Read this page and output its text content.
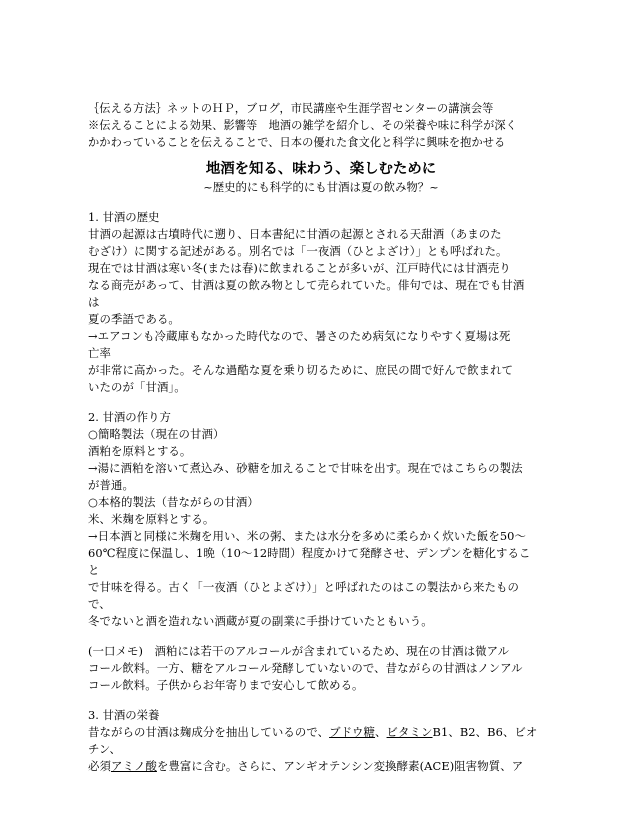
｛伝える方法｝ネットのＨＰ，ブログ，市民講座や生涯学習センターの講演会等
※伝えることによる効果、影響等　地酒の雑学を紹介し、その栄養や味に科学が深く
かかわっていることを伝えることで、日本の優れた食文化と科学に興味を抱かせる
地酒を知る、味わう、楽しむために
~歴史的にも科学的にも甘酒は夏の飲み物？~
1. 甘酒の歴史
甘酒の起源は古墳時代に遡り、日本書紀に甘酒の起源とされる天甜酒（あまのた
むざけ）に関する記述がある。別名では「一夜酒（ひとよざけ）」とも呼ばれた。
現在では甘酒は寒い冬(または春)に飲まれることが多いが、江戸時代には甘酒売り
なる商売があって、甘酒は夏の飲み物として売られていた。俳句では、現在でも甘酒
は
夏の季語である。
→エアコンも冷蔵庫もなかった時代なので、暑さのため病気になりやすく夏場は死
亡率
が非常に高かった。そんな過酷な夏を乗り切るために、庶民の間で好んで飲まれて
いたのが「甘酒」。
2. 甘酒の作り方
○簡略製法（現在の甘酒）
酒粕を原料とする。
→湯に酒粕を溶いて煮込み、砂糖を加えることで甘味を出す。現在ではこちらの製法
が普通。
○本格的製法（昔ながらの甘酒）
米、米麹を原料とする。
→日本酒と同様に米麹を用い、米の粥、または水分を多めに柔らかく炊いた飯を50～
60℃程度に保温し、1晩（10～12時間）程度かけて発酵させ、デンプンを糖化するこ
と
で甘味を得る。古く「一夜酒（ひとよざけ）」と呼ばれたのはこの製法から来たもの
で、
冬でないと酒を造れない酒蔵が夏の副業に手掛けていたともいう。
(一口メモ)　酒粕には若干のアルコールが含まれているため、現在の甘酒は微アル
コール飲料。一方、糖をアルコール発酵していないので、昔ながらの甘酒はノンアル
コール飲料。子供からお年寄りまで安心して飲める。
3. 甘酒の栄養
昔ながらの甘酒は麹成分を抽出しているので、ブドウ糖、ビタミンB1、B2、B6、ビオ
チン、
必須アミノ酸を豊富に含む。さらに、アンギオテンシン変換酵素(ACE)阻害物質、ア
